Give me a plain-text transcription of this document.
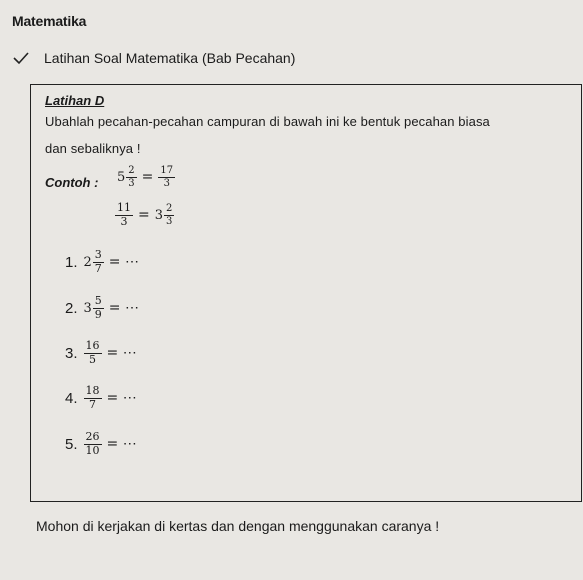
Matematika
Latihan Soal Matematika (Bab Pecahan)
Latihan D
Ubahlah pecahan-pecahan campuran di bawah ini ke bentuk pecahan biasa
dan sebaliknya !
Contoh : $5 \frac{2}{3} = \frac{17}{3}$
$\frac{11}{3} = 3 \frac{2}{3}$
1. $2 \frac{3}{7}$ = ⋯
2. $3 \frac{5}{9}$ = ⋯
3. $\frac{16}{5}$ = ⋯
4. $\frac{18}{7}$ = ⋯
5. $\frac{26}{10}$ = ⋯
Mohon di kerjakan di kertas dan dengan menggunakan caranya !
